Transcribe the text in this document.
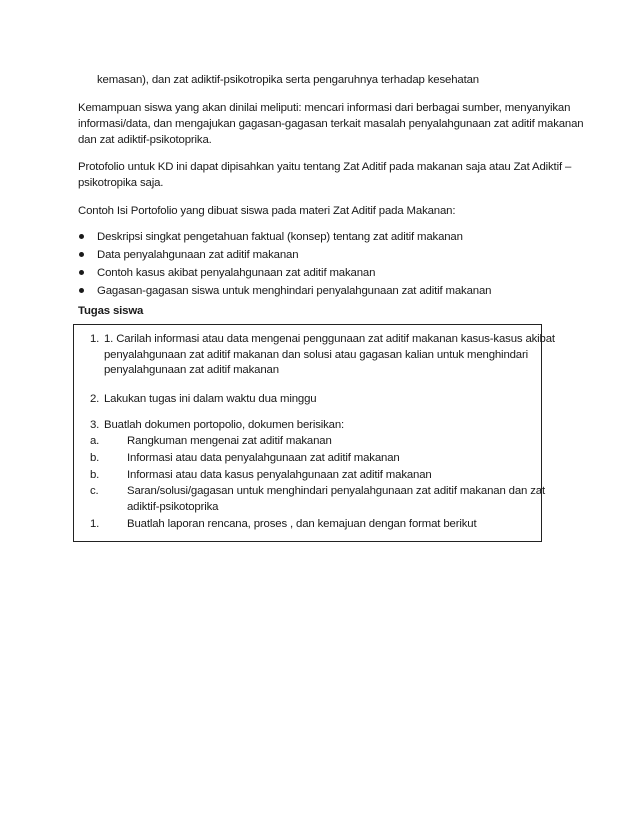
kemasan), dan zat adiktif-psikotropika serta pengaruhnya terhadap kesehatan
Kemampuan siswa yang akan dinilai meliputi: mencari informasi dari berbagai sumber, menyanyikan
informasi/data, dan mengajukan gagasan-gagasan terkait masalah penyalahgunaan zat aditif makanan
dan zat adiktif-psikotoprika.
Protofolio untuk KD ini dapat dipisahkan yaitu tentang Zat Aditif pada makanan saja atau Zat Adiktif –
psikotropika saja.
Contoh Isi Portofolio yang dibuat siswa pada materi Zat Aditif pada Makanan:
Deskripsi singkat pengetahuan faktual (konsep) tentang zat aditif makanan
Data penyalahgunaan zat aditif makanan
Contoh kasus akibat penyalahgunaan zat aditif makanan
Gagasan-gagasan siswa untuk menghindari penyalahgunaan zat aditif makanan
Tugas siswa
1. 1. Carilah informasi atau data mengenai penggunaan zat aditif makanan kasus-kasus akibat
penyalahgunaan zat aditif makanan dan solusi atau gagasan kalian untuk menghindari
penyalahgunaan zat aditif makanan
2. Lakukan tugas ini dalam waktu dua minggu
3. Buatlah dokumen portopolio, dokumen berisikan:
a. Rangkuman mengenai zat aditif makanan
b. Informasi atau data penyalahgunaan zat aditif makanan
b. Informasi atau data kasus penyalahgunaan zat aditif makanan
c. Saran/solusi/gagasan untuk menghindari penyalahgunaan zat aditif makanan dan zat
adiktif-psikotoprika
1. Buatlah laporan rencana, proses , dan kemajuan dengan format berikut
